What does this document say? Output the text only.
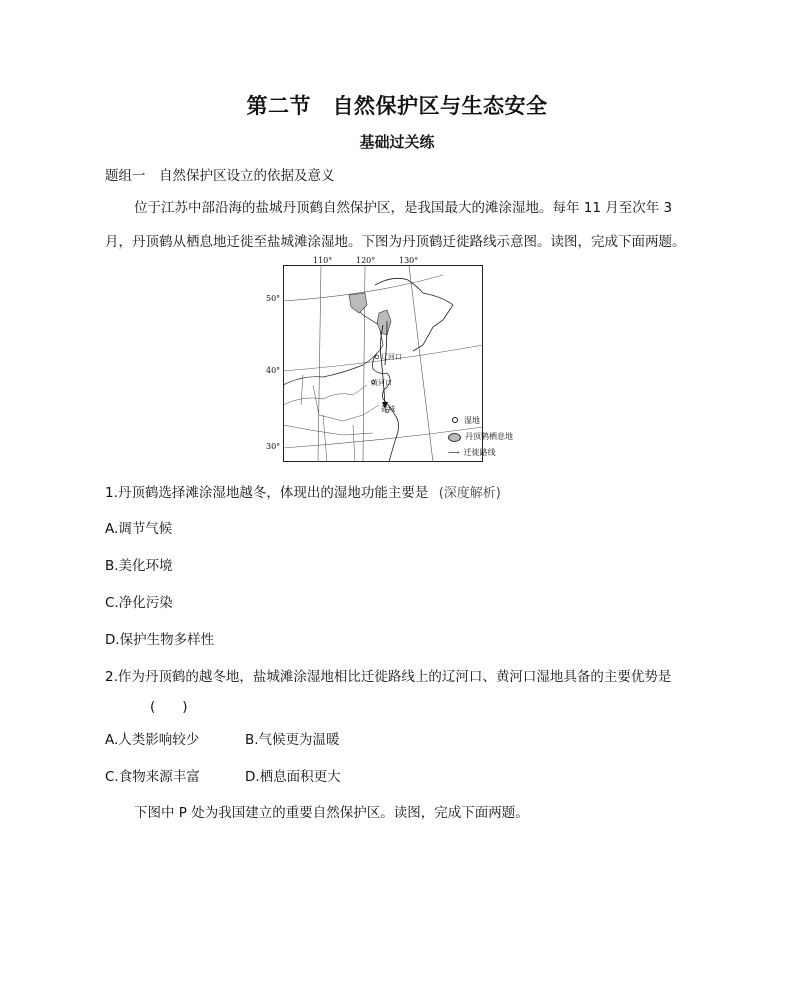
第二节　自然保护区与生态安全
基础过关练
题组一　自然保护区设立的依据及意义
位于江苏中部沿海的盐城丹顶鹤自然保护区，是我国最大的滩涂湿地。每年 11 月至次年 3
月，丹顶鹤从栖息地迁徙至盐城滩涂湿地。下图为丹顶鹤迁徙路线示意图。读图，完成下面两题。
辽河口
黄河口
盐城
50°
40°
30°
110°	120°	130°
湿地
丹顶鹤栖息地
⟶ 迁徙路线
1.丹顶鹤选择滩涂湿地越冬，体现出的湿地功能主要是 (深度解析)
A.调节气候
B.美化环境
C.净化污染
D.保护生物多样性
2.作为丹顶鹤的越冬地，盐城滩涂湿地相比迁徙路线上的辽河口、黄河口湿地具备的主要优势是
(　　)
A.人类影响较少	B.气候更为温暖
C.食物来源丰富	D.栖息面积更大
下图中 P 处为我国建立的重要自然保护区。读图，完成下面两题。
